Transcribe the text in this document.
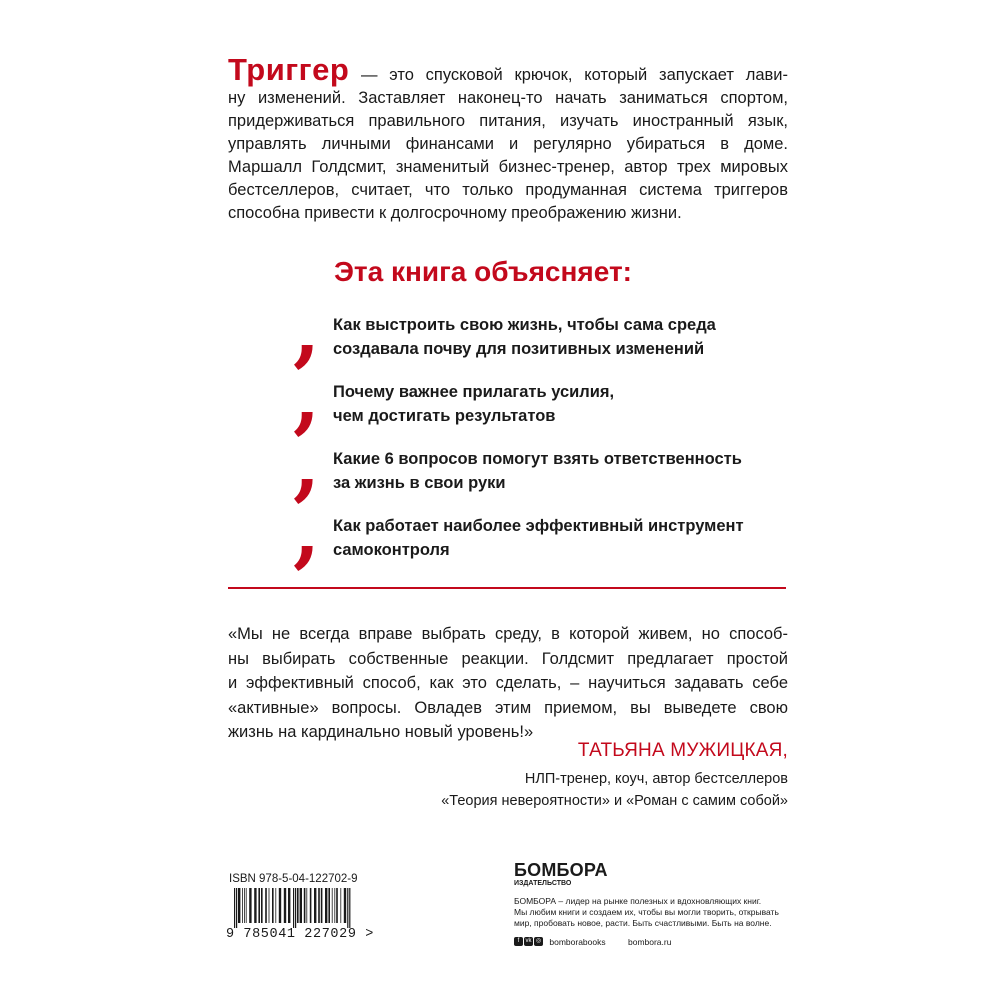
Триггер — это спусковой крючок, который запускает лави-
ну изменений. Заставляет наконец-то начать заниматься спортом,
придерживаться правильного питания, изучать иностранный язык,
управлять личными финансами и регулярно убираться в доме.
Маршалл Голдсмит, знаменитый бизнес-тренер, автор трех мировых
бестселлеров, считает, что только продуманная система триггеров
способна привести к долгосрочному преображению жизни.
Эта книга объясняет:
, Как выстроить свою жизнь, чтобы сама среда
создавала почву для позитивных изменений
, Почему важнее прилагать усилия,
чем достигать результатов
, Какие 6 вопросов помогут взять ответственность
за жизнь в свои руки
, Как работает наиболее эффективный инструмент
самоконтроля
«Мы не всегда вправе выбрать среду, в которой живем, но способ-
ны выбирать собственные реакции. Голдсмит предлагает простой
и эффективный способ, как это сделать, – научиться задавать себе
«активные» вопросы. Овладев этим приемом, вы выведете свою
жизнь на кардинально новый уровень!»
ТАТЬЯНА МУЖИЦКАЯ,
НЛП-тренер, коуч, автор бестселлеров
«Теория невероятности» и «Роман с самим собой»
ISBN 978-5-04-122702-9
9 785041 227029 >
БОМБОРА
ИЗДАТЕЛЬСТВО
БОМБОРА – лидер на рынке полезных и вдохновляющих книг.
Мы любим книги и создаем их, чтобы вы могли творить, открывать
мир, пробовать новое, расти. Быть счастливыми. Быть на волне.
f vk ◎ bomborabooks	bombora.ru
